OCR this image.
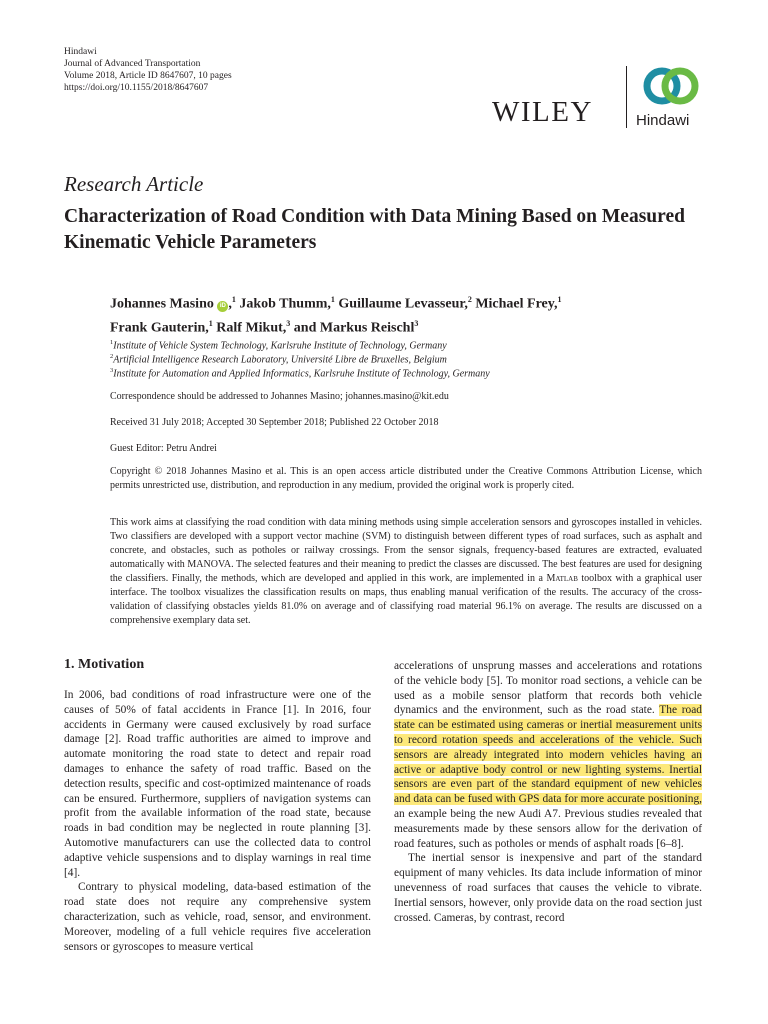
Hindawi
Journal of Advanced Transportation
Volume 2018, Article ID 8647607, 10 pages
https://doi.org/10.1155/2018/8647607
WILEY	Hindawi
Research Article
Characterization of Road Condition with Data Mining Based on Measured Kinematic Vehicle Parameters
Johannes Masino iD ,$^1$ Jakob Thumm,$^1$ Guillaume Levasseur,$^2$ Michael Frey,$^1$
Frank Gauterin,$^1$ Ralf Mikut,$^3$ and Markus Reischl$^3$
$^1$Institute of Vehicle System Technology, Karlsruhe Institute of Technology, Germany
$^2$Artificial Intelligence Research Laboratory, Université Libre de Bruxelles, Belgium
$^3$Institute for Automation and Applied Informatics, Karlsruhe Institute of Technology, Germany
Correspondence should be addressed to Johannes Masino; johannes.masino@kit.edu
Received 31 July 2018; Accepted 30 September 2018; Published 22 October 2018
Guest Editor: Petru Andrei
Copyright © 2018 Johannes Masino et al. This is an open access article distributed under the Creative Commons Attribution License, which permits unrestricted use, distribution, and reproduction in any medium, provided the original work is properly cited.
This work aims at classifying the road condition with data mining methods using simple acceleration sensors and gyroscopes installed in vehicles. Two classifiers are developed with a support vector machine (SVM) to distinguish between different types of road surfaces, such as asphalt and concrete, and obstacles, such as potholes or railway crossings. From the sensor signals, frequency-based features are extracted, evaluated automatically with MANOVA. The selected features and their meaning to predict the classes are discussed. The best features are used for designing the classifiers. Finally, the methods, which are developed and applied in this work, are implemented in a Matlab toolbox with a graphical user interface. The toolbox visualizes the classification results on maps, thus enabling manual verification of the results. The accuracy of the cross-validation of classifying obstacles yields 81.0% on average and of classifying road material 96.1% on average. The results are discussed on a comprehensive exemplary data set.
1. Motivation

In 2006, bad conditions of road infrastructure were one of the causes of 50% of fatal accidents in France [1]. In 2016, four accidents in Germany were caused exclusively by road surface damage [2]. Road traffic authorities are aimed to improve and automate monitoring the road state to detect and repair road damages to enhance the safety of road traffic. Based on the detection results, specific and cost-optimized maintenance of roads can be ensured. Furthermore, suppliers of navigation systems can profit from the available information of the road state, because roads in bad condition may be neglected in route planning [3]. Automotive manufacturers can use the collected data to control adaptive vehicle suspensions and to display warnings in real time [4].

Contrary to physical modeling, data-based estimation of the road state does not require any comprehensive system characterization, such as vehicle, road, sensor, and environment. Moreover, modeling of a full vehicle requires five acceleration sensors or gyroscopes to measure vertical

accelerations of unsprung masses and accelerations and rotations of the vehicle body [5]. To monitor road sections, a vehicle can be used as a mobile sensor platform that records both vehicle dynamics and the environment, such as the road state. The road state can be estimated using cameras or inertial measurement units to record rotation speeds and accelerations of the vehicle. Such sensors are already integrated into modern vehicles having an active or adaptive body control or new lighting systems. Inertial sensors are even part of the standard equipment of new vehicles and data can be fused with GPS data for more accurate positioning, an example being the new Audi A7. Previous studies revealed that measurements made by these sensors allow for the derivation of road features, such as potholes or mends of asphalt roads [6–8].

The inertial sensor is inexpensive and part of the standard equipment of many vehicles. Its data include information of minor unevenness of road surfaces that causes the vehicle to vibrate. Inertial sensors, however, only provide data on the road section just crossed. Cameras, by contrast, record
